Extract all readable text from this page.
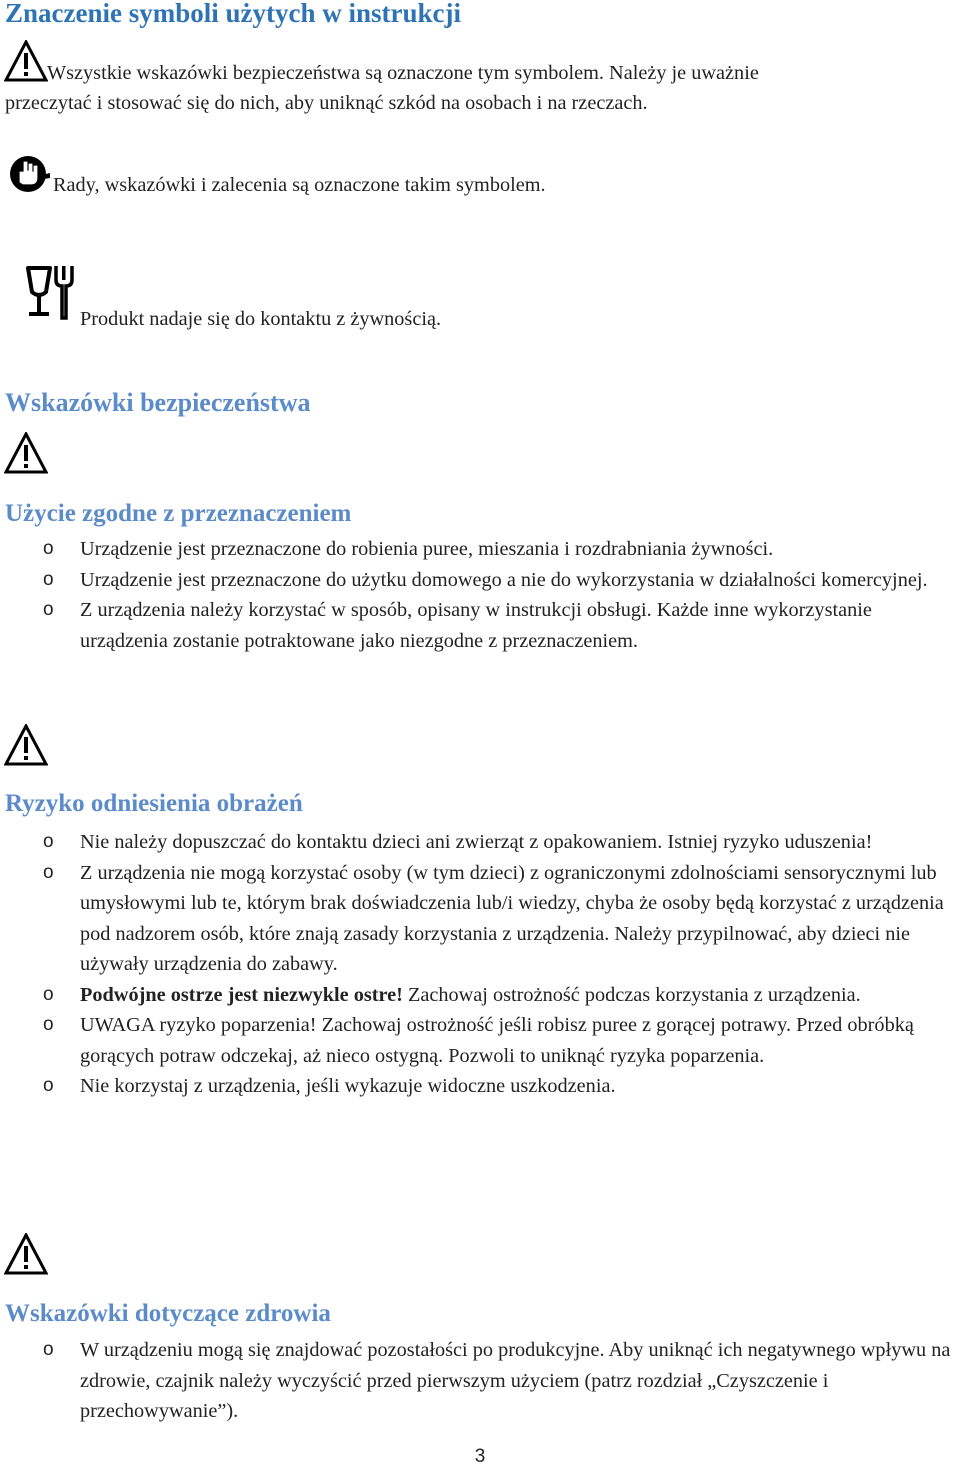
Znaczenie symboli użytych w instrukcji

Wszystkie wskazówki bezpieczeństwa są oznaczone tym symbolem. Należy je uważnie

przeczytać i stosować się do nich, aby uniknąć szkód na osobach i na rzeczach.

Rady, wskazówki i zalecenia są oznaczone takim symbolem.

Produkt nadaje się do kontaktu z żywnością.

Wskazówki bezpieczeństwa
Użycie zgodne z przeznaczeniem
o Urządzenie jest przeznaczone do robienia puree, mieszania i rozdrabniania żywności.
o Urządzenie jest przeznaczone do użytku domowego a nie do wykorzystania w działalności komercyjnej.
o Z urządzenia należy korzystać w sposób, opisany w instrukcji obsługi. Każde inne wykorzystanie urządzenia zostanie potraktowane jako niezgodne z przeznaczeniem.
Ryzyko odniesienia obrażeń
o Nie należy dopuszczać do kontaktu dzieci ani zwierząt z opakowaniem. Istniej ryzyko uduszenia!
o Z urządzenia nie mogą korzystać osoby (w tym dzieci) z ograniczonymi zdolnościami sensorycznymi lub umysłowymi lub te, którym brak doświadczenia lub/i wiedzy, chyba że osoby będą korzystać z urządzenia pod nadzorem osób, które znają zasady korzystania z urządzenia. Należy przypilnować, aby dzieci nie używały urządzenia do zabawy.
o Podwójne ostrze jest niezwykle ostre! Zachowaj ostrożność podczas korzystania z urządzenia.
o UWAGA ryzyko poparzenia! Zachowaj ostrożność jeśli robisz puree z gorącej potrawy. Przed obróbką gorących potraw odczekaj, aż nieco ostygną. Pozwoli to uniknąć ryzyka poparzenia.
o Nie korzystaj z urządzenia, jeśli wykazuje widoczne uszkodzenia.
Wskazówki dotyczące zdrowia
o W urządzeniu mogą się znajdować pozostałości po produkcyjne. Aby uniknąć ich negatywnego wpływu na zdrowie, czajnik należy wyczyścić przed pierwszym użyciem (patrz rozdział „Czyszczenie i przechowywanie”).
3
